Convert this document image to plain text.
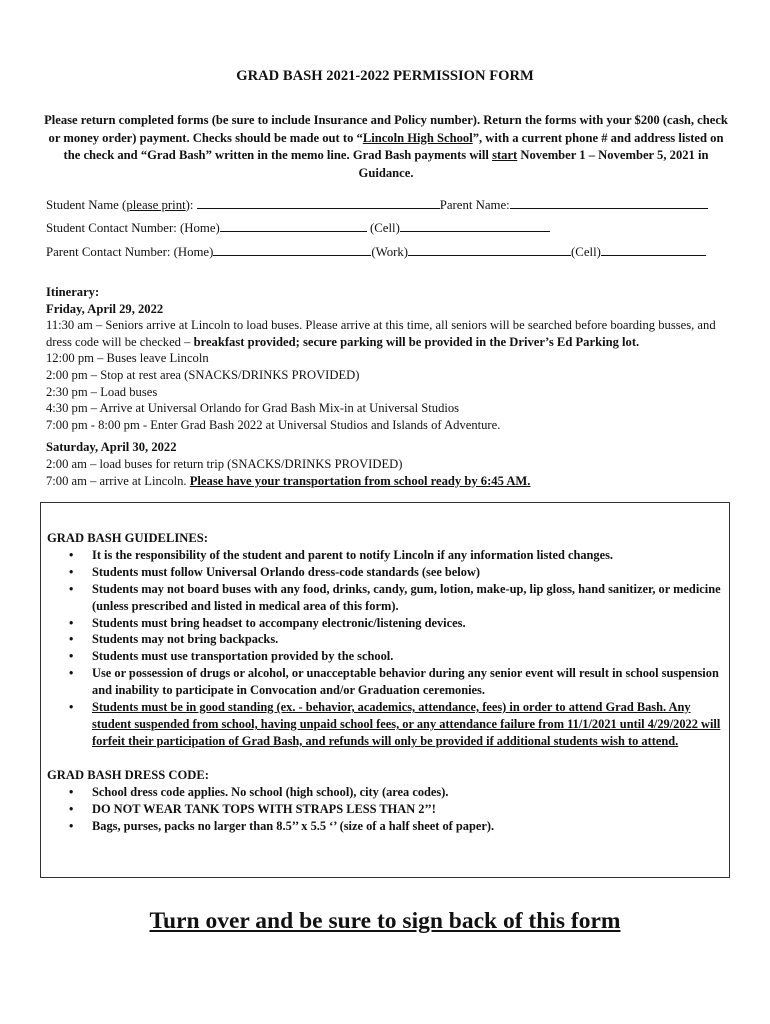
GRAD BASH 2021-2022 PERMISSION FORM
Please return completed forms (be sure to include Insurance and Policy number). Return the forms with your $200 (cash, check or money order) payment. Checks should be made out to “Lincoln High School”, with a current phone # and address listed on the check and “Grad Bash” written in the memo line. Grad Bash payments will start November 1 – November 5, 2021 in Guidance.
Student Name (please print):	Parent Name:
Student Contact Number: (Home)	(Cell)
Parent Contact Number: (Home)	(Work)	(Cell)

Itinerary:

Friday, April 29, 2022

11:30 am – Seniors arrive at Lincoln to load buses. Please arrive at this time, all seniors will be searched before boarding busses, and dress code will be checked – breakfast provided; secure parking will be provided in the Driver’s Ed Parking lot.

12:00 pm – Buses leave Lincoln

2:00 pm – Stop at rest area (SNACKS/DRINKS PROVIDED)

2:30 pm – Load buses

4:30 pm – Arrive at Universal Orlando for Grad Bash Mix-in at Universal Studios

7:00 pm - 8:00 pm - Enter Grad Bash 2022 at Universal Studios and Islands of Adventure.

Saturday, April 30, 2022

2:00 am – load buses for return trip (SNACKS/DRINKS PROVIDED)

7:00 am – arrive at Lincoln. Please have your transportation from school ready by 6:45 AM.

GRAD BASH GUIDELINES:
• It is the responsibility of the student and parent to notify Lincoln if any information listed changes.
• Students must follow Universal Orlando dress-code standards (see below)
• Students may not board buses with any food, drinks, candy, gum, lotion, make-up, lip gloss, hand sanitizer, or medicine (unless prescribed and listed in medical area of this form).
• Students must bring headset to accompany electronic/listening devices.
• Students may not bring backpacks.
• Students must use transportation provided by the school.
• Use or possession of drugs or alcohol, or unacceptable behavior during any senior event will result in school suspension and inability to participate in Convocation and/or Graduation ceremonies.
• Students must be in good standing (ex. - behavior, academics, attendance, fees) in order to attend Grad Bash. Any student suspended from school, having unpaid school fees, or any attendance failure from 11/1/2021 until 4/29/2022 will forfeit their participation of Grad Bash, and refunds will only be provided if additional students wish to attend.
GRAD BASH DRESS CODE:
• School dress code applies. No school (high school), city (area codes).
• DO NOT WEAR TANK TOPS WITH STRAPS LESS THAN 2’’!
• Bags, purses, packs no larger than 8.5’’ x 5.5 ‘’ (size of a half sheet of paper).
Turn over and be sure to sign back of this form
